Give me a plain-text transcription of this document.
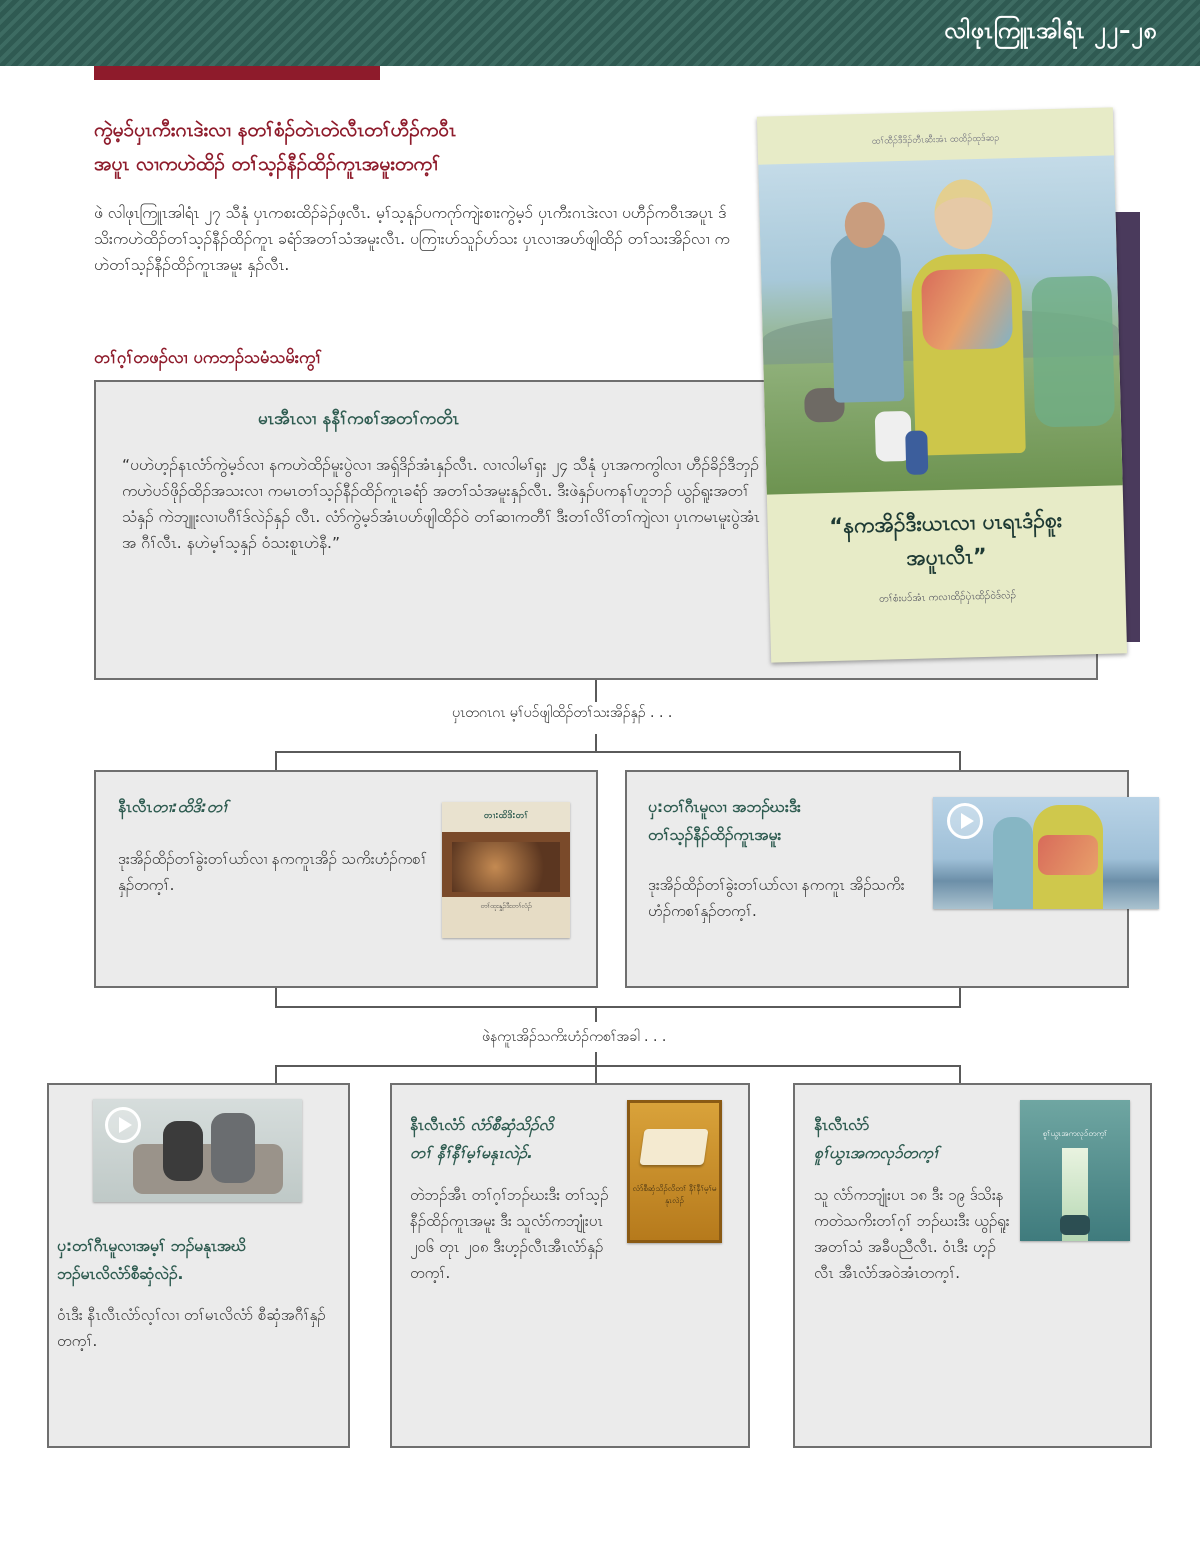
လါဖုၤကြူၤအါရံၤ ၂၂–၂၈
ကွဲမ့ၥ်ပှၤကီးဂၤဒဲးလၢ နတၢ်စံၣ်တဲၤတဲလီၤတၢ်ဟီၣ်ကဝီၤ
အပူၤ လၢကဟဲထိၣ် တၢ်သ့ၣ်နီၣ်ထိၣ်ကူၤအမူးတက့ၢ်

ဖဲ လါဖုၤကြူၤအါရံၤ ၂၇ သီနုံ ပှၤကစးထိၣ်ခဲၣ်ဖှလီၤ. မ့ၢ်သ့နုၣ်ပကဂုာ်ကျဲးစၢးကွဲမ့ၥ် ပှၤကီးဂၤဒဲးလၢ ပဟီၣ်ကဝီၤအပူၤ ဒ်သိးကဟဲထိၣ်တၢ်သ့ၣ်နီၣ်ထိၣ်ကူၤ ခရံာ်အတၢ်သံအမူးလီၤ. ပကြၢးဟ်သူၣ်ဟ်သး ပှၤလၢအဟ်ဖျါထိၣ် တၢ်သးအိၣ်လၢ ကဟဲတၢ်သ့ၣ်နီၣ်ထိၣ်ကူၤအမူး နှၣ်လီၤ.

တၢ်ဂ့ၢ်တဖၣ်လၢ ပကဘၣ်သမံသမိးကွၢ်
မၤအီၤလၢ နနီၢ်ကစၢ်အတၢ်ကတိၤ

“ပဟဲဟ့ၣ်နၤလံာ်ကွဲမ့ၥ်လၢ နကဟဲထိၣ်မူးပွဲလၢ အရှ်ဒိၣ်အံၤနှၣ်လီၤ. လၢလါမၢ်ရှး ၂၄ သီနုံ ပှၤအကကွါလၢ ဟီၣ်ခိၣ်ဒီဘှၣ်ကဟဲပၥ်ဖိုၣ်ထိၣ်အသးလၢ ကမၤတၢ်သ့ၣ်နီၣ်ထိၣ်ကူၤခရံာ် အတၢ်သံအမူးနှၣ်လီၤ. ဒီးဖဲနှၣ်ပကနၢ်ဟူဘၣ် ယွၣ်ရူးအတၢ်သံနှၣ် ကဲဘျူးလၢပဂီၢ်ဒ်လဲၣ်နှၣ် လီၤ. လံာ်ကွဲမ့ၥ်အံၤပဟ်ဖျါထိၣ်ဝဲ တၢ်ဆၢကတီၢ် ဒီးတၢ်လိၢ်တၢ်ကျဲလၢ ပှၤကမၤမူးပွဲအံၤအ ဂီၢ်လီၤ. နဟဲမ့ၢ်သ့နှၣ် ဝံသးစူၤဟဲနီ.”

ထၢ်ထီၣ်ဒီဒိၣ်တီၤဆီးအံၤ ထထိၣ်ထုဒ်ဆၣ
“နကအိၣ်ဒီးယၤလၢ ပၤရၤဒံၣ်စူး
အပူၤလီၤ”
တၢ်စံးပၥ်အံၤ ကလၢထိၣ်ပှဲၤထိၣ်ဝဲဒ်လဲၣ်
ပှၤတဂၤဂၤ မ့ၢ်ပၥ်ဖျါထိၣ်တၢ်သးအိၣ်နှၣ် . . .
နီၤလီၤတၢ:ထိဒိ:တၢ်

ဒုးအိၣ်ထိၣ်တၢ်ခွဲးတၢ်ယာ်လၢ နကကူၤအိၣ် သကိးဟံၣ်ကစၢ်နှၣ်တက့ၢ်.

တၢ:ထိဒိ:တၢ်
တၢ်ထုးနှုၣ်ဒီးတၢ်လံၣ်
ပှ:တၢ်ဂီၤမူလၢ အဘၣ်ဃးဒီး
တၢ်သ့ၣ်နီၣ်ထိၣ်ကူၤအမူး

ဒုးအိၣ်ထိၣ်တၢ်ခွဲးတၢ်ယာ်လၢ နကကူၤ အိၣ်သကိးဟံၣ်ကစၢ်နှၣ်တက့ၢ်.

ဖဲနကူၤအိၣ်သကိးဟံၣ်ကစၢ်အခါ . . .
ပှ:တၢ်ဂီၤမူလၢအမ့ၢ် ဘၣ်မနုၤအဃိ
ဘၣ်မၤလိလံာ်စီဆှံလဲၣ်.

ဝံၤဒီး နီၤလီၤလံာ်လ့ၢ်လၢ တၢ်မၤလိလံာ် စီဆှံအဂီၢ်နှၣ်တက့ၢ်.

နီၤလီၤလံာ် လံာ်စီဆှံသိၣ်လိ
တၢ် နီၢ်နီၢ်မ့ၢ်မနုၤလဲၣ်.

တဲဘၣ်အီၤ တၢ်ဂ့ၢ်ဘၣ်ဃးဒီး တၢ်သ့ၣ်နီၣ်ထိၣ်ကူၤအမူး ဒီး သူလံာ်ကဘျုံးပၤ ၂၀၆ တုၤ ၂၀၈ ဒီးဟ့ၣ်လီၤအီၤလံာ်နှၣ် တက့ၢ်.

လံာ်စီဆှံသိၣ်လိတၢ် နီၢ်နီၢ်မ့ၢ်မနုၤလဲၣ်
နီၤလီၤလံာ်
စူၢ်ယွၤအကလုၥ်တက့ၢ်

သူ လံာ်ကဘျုံးပၤ ၁၈ ဒီး ၁၉ ဒ်သိးနကတဲသကိးတၢ်ဂ့ၢ် ဘၣ်ဃးဒီး ယွၣ်ရူးအတၢ်သံ အခီပညီလီၤ. ဝံၤဒီး ဟ့ၣ်လီၤ အီၤလံာ်အဝဲအံၤတက့ၢ်.

စူၢ်ယွၤအကလုၥ်တက့ၢ်
